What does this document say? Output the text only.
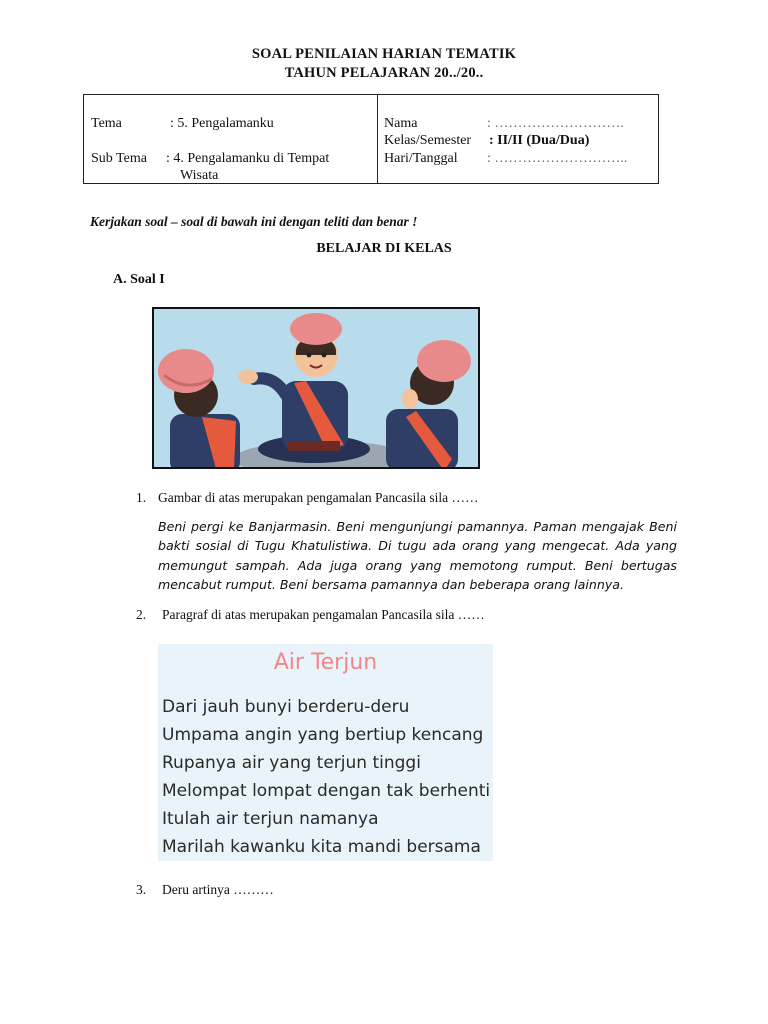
SOAL PENILAIAN HARIAN TEMATIK
TAHUN PELAJARAN 20../20..
Tema	: 5. Pengalamanku
Sub Tema : 4. Pengalamanku di Tempat
Wisata
Nama	: ……………………….
Kelas/Semester : II/II (Dua/Dua)
Hari/Tanggal : ………………………..
Kerjakan soal – soal di bawah ini dengan teliti dan benar !
BELAJAR DI KELAS
A. Soal I
1. Gambar di atas merupakan pengamalan Pancasila sila ……
Beni pergi ke Banjarmasin. Beni mengunjungi pamannya. Paman mengajak Beni bakti sosial di Tugu Khatulistiwa. Di tugu ada orang yang mengecat. Ada yang memungut sampah. Ada juga orang yang memotong rumput. Beni bertugas mencabut rumput. Beni bersama pamannya dan beberapa orang lainnya.
2. Paragraf di atas merupakan pengamalan Pancasila sila ……
Air Terjun
Dari jauh bunyi berderu-deru
Umpama angin yang bertiup kencang
Rupanya air yang terjun tinggi
Melompat lompat dengan tak berhenti
Itulah air terjun namanya
Marilah kawanku kita mandi bersama
3. Deru artinya ………
